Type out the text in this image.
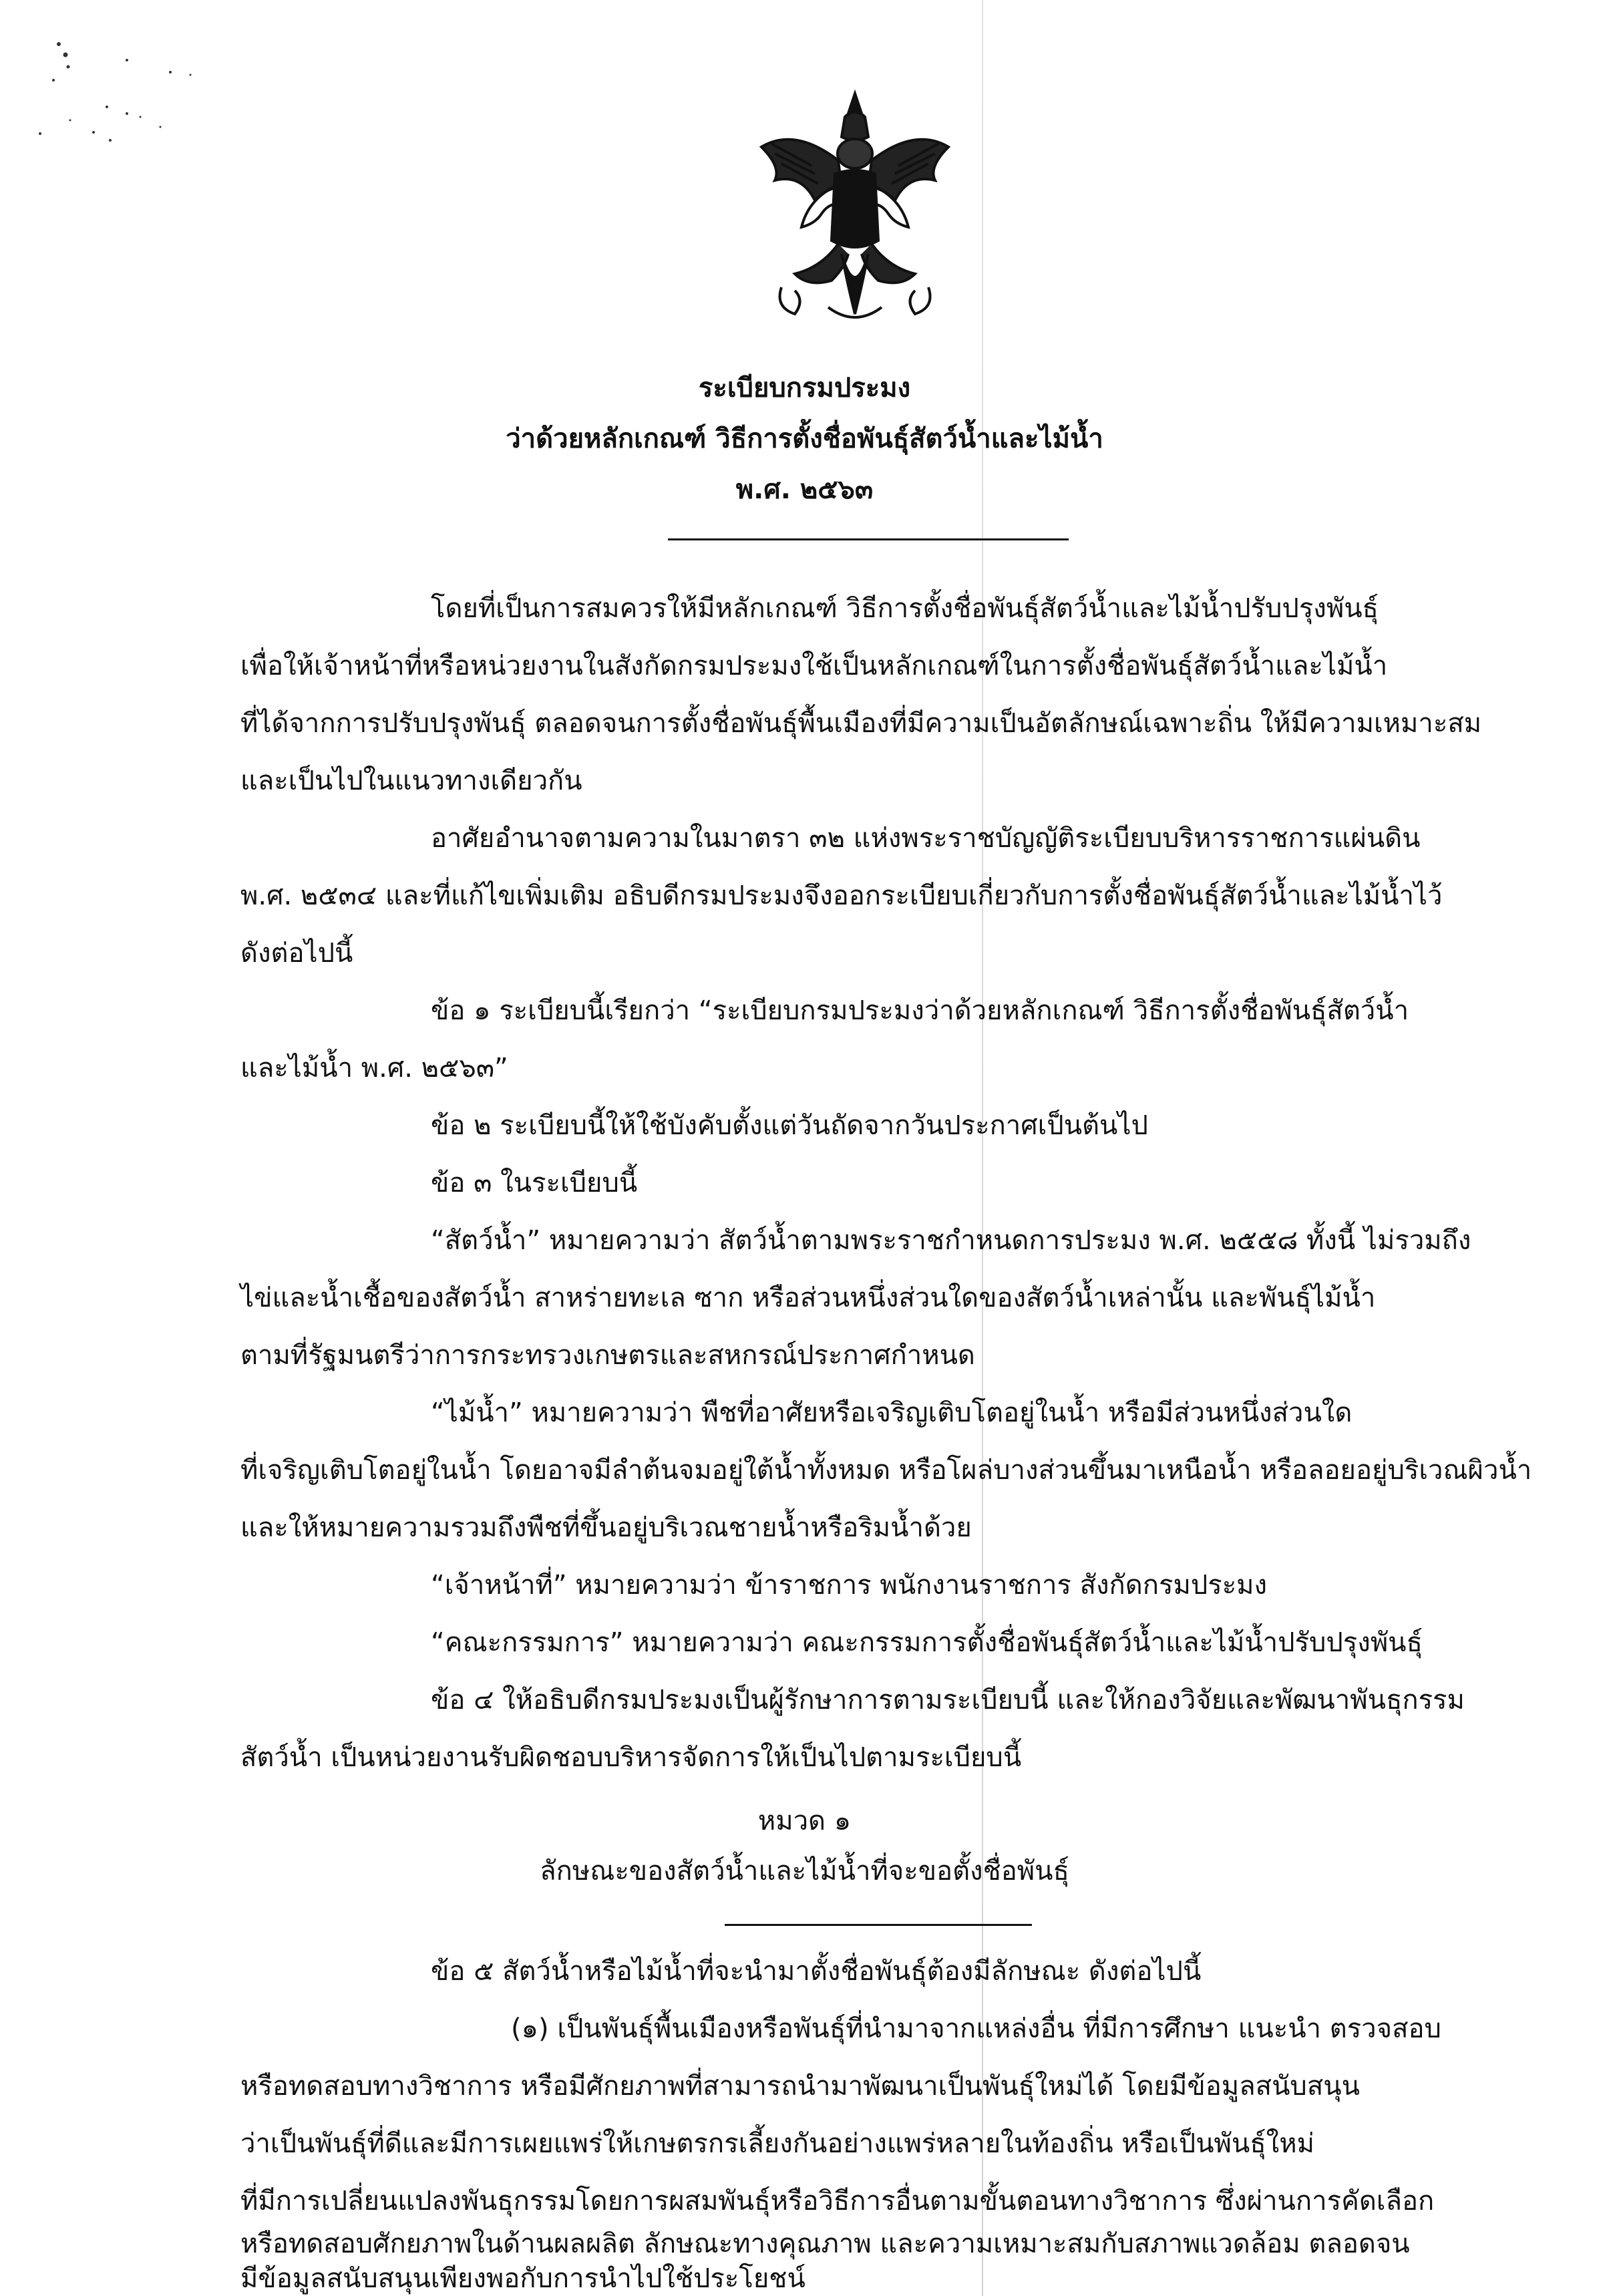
ระเบียบกรมประมง
ว่าด้วยหลักเกณฑ์ วิธีการตั้งชื่อพันธุ์สัตว์น้ำและไม้น้ำ
พ.ศ. ๒๕๖๓
โดยที่เป็นการสมควรให้มีหลักเกณฑ์ วิธีการตั้งชื่อพันธุ์สัตว์น้ำและไม้น้ำปรับปรุงพันธุ์
เพื่อให้เจ้าหน้าที่หรือหน่วยงานในสังกัดกรมประมงใช้เป็นหลักเกณฑ์ในการตั้งชื่อพันธุ์สัตว์น้ำและไม้น้ำ
ที่ได้จากการปรับปรุงพันธุ์ ตลอดจนการตั้งชื่อพันธุ์พื้นเมืองที่มีความเป็นอัตลักษณ์เฉพาะถิ่น ให้มีความเหมาะสม
และเป็นไปในแนวทางเดียวกัน
อาศัยอำนาจตามความในมาตรา ๓๒ แห่งพระราชบัญญัติระเบียบบริหารราชการแผ่นดิน
พ.ศ. ๒๕๓๔ และที่แก้ไขเพิ่มเติม อธิบดีกรมประมงจึงออกระเบียบเกี่ยวกับการตั้งชื่อพันธุ์สัตว์น้ำและไม้น้ำไว้
ดังต่อไปนี้
ข้อ ๑ ระเบียบนี้เรียกว่า “ระเบียบกรมประมงว่าด้วยหลักเกณฑ์ วิธีการตั้งชื่อพันธุ์สัตว์น้ำ
และไม้น้ำ พ.ศ. ๒๕๖๓”
ข้อ ๒ ระเบียบนี้ให้ใช้บังคับตั้งแต่วันถัดจากวันประกาศเป็นต้นไป
ข้อ ๓ ในระเบียบนี้
“สัตว์น้ำ” หมายความว่า สัตว์น้ำตามพระราชกำหนดการประมง พ.ศ. ๒๕๕๘ ทั้งนี้ ไม่รวมถึง
ไข่และน้ำเชื้อของสัตว์น้ำ สาหร่ายทะเล ซาก หรือส่วนหนึ่งส่วนใดของสัตว์น้ำเหล่านั้น และพันธุ์ไม้น้ำ
ตามที่รัฐมนตรีว่าการกระทรวงเกษตรและสหกรณ์ประกาศกำหนด
“ไม้น้ำ” หมายความว่า พืชที่อาศัยหรือเจริญเติบโตอยู่ในน้ำ หรือมีส่วนหนึ่งส่วนใด
ที่เจริญเติบโตอยู่ในน้ำ โดยอาจมีลำต้นจมอยู่ใต้น้ำทั้งหมด หรือโผล่บางส่วนขึ้นมาเหนือน้ำ หรือลอยอยู่บริเวณผิวน้ำ
และให้หมายความรวมถึงพืชที่ขึ้นอยู่บริเวณชายน้ำหรือริมน้ำด้วย
“เจ้าหน้าที่” หมายความว่า ข้าราชการ พนักงานราชการ สังกัดกรมประมง
“คณะกรรมการ” หมายความว่า คณะกรรมการตั้งชื่อพันธุ์สัตว์น้ำและไม้น้ำปรับปรุงพันธุ์
ข้อ ๔ ให้อธิบดีกรมประมงเป็นผู้รักษาการตามระเบียบนี้ และให้กองวิจัยและพัฒนาพันธุกรรม
สัตว์น้ำ เป็นหน่วยงานรับผิดชอบบริหารจัดการให้เป็นไปตามระเบียบนี้
หมวด ๑
ลักษณะของสัตว์น้ำและไม้น้ำที่จะขอตั้งชื่อพันธุ์
ข้อ ๕ สัตว์น้ำหรือไม้น้ำที่จะนำมาตั้งชื่อพันธุ์ต้องมีลักษณะ ดังต่อไปนี้
(๑) เป็นพันธุ์พื้นเมืองหรือพันธุ์ที่นำมาจากแหล่งอื่น ที่มีการศึกษา แนะนำ ตรวจสอบ
หรือทดสอบทางวิชาการ หรือมีศักยภาพที่สามารถนำมาพัฒนาเป็นพันธุ์ใหม่ได้ โดยมีข้อมูลสนับสนุน
ว่าเป็นพันธุ์ที่ดีและมีการเผยแพร่ให้เกษตรกรเลี้ยงกันอย่างแพร่หลายในท้องถิ่น หรือเป็นพันธุ์ใหม่
ที่มีการเปลี่ยนแปลงพันธุกรรมโดยการผสมพันธุ์หรือวิธีการอื่นตามขั้นตอนทางวิชาการ ซึ่งผ่านการคัดเลือก
หรือทดสอบศักยภาพในด้านผลผลิต ลักษณะทางคุณภาพ และความเหมาะสมกับสภาพแวดล้อม ตลอดจน
มีข้อมูลสนับสนุนเพียงพอกับการนำไปใช้ประโยชน์
